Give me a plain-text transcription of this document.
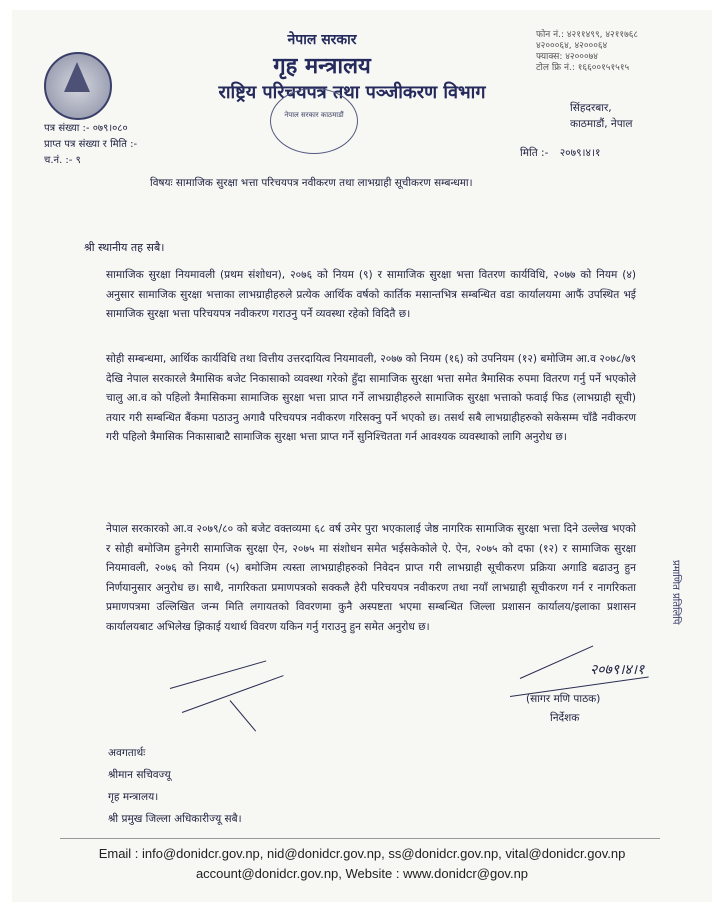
नेपाल सरकार
गृह मन्त्रालय
राष्ट्रिय परिचयपत्र तथा पञ्जीकरण विभाग
नेपाल सरकार काठमाडौं
फोन नं.: ४२११४९९, ४२११७६८
४२०००६४, ४२०००६४
फ्याक्स: ४२०००७४
टोल फ्रि नं.: १६६००१५१५१५
सिंहदरबार,
काठमाडौं, नेपाल
पत्र संख्या :- ०७९।०८०
प्राप्त पत्र संख्या र मिति :-
च.नं. :- ९
मिति :- २०७९।४।१
विषयः सामाजिक सुरक्षा भत्ता परिचयपत्र नवीकरण तथा लाभग्राही सूचीकरण सम्बन्धमा।
श्री स्थानीय तह सबै।
सामाजिक सुरक्षा नियमावली (प्रथम संशोधन), २०७६ को नियम (९) र सामाजिक सुरक्षा भत्ता वितरण कार्यविधि, २०७७ को नियम (४) अनुसार सामाजिक सुरक्षा भत्ताका लाभग्राहीहरुले प्रत्येक आर्थिक वर्षको कार्तिक मसान्तभित्र सम्बन्धित वडा कार्यालयमा आफैं उपस्थित भई सामाजिक सुरक्षा भत्ता परिचयपत्र नवीकरण गराउनु पर्ने व्यवस्था रहेको विदितै छ।
सोही सम्बन्धमा, आर्थिक कार्यविधि तथा वित्तीय उत्तरदायित्व नियमावली, २०७७ को नियम (१६) को उपनियम (१२) बमोजिम आ.व २०७८/७९ देखि नेपाल सरकारले त्रैमासिक बजेट निकासाको व्यवस्था गरेको हुँदा सामाजिक सुरक्षा भत्ता समेत त्रैमासिक रुपमा वितरण गर्नु पर्ने भएकोले चालु आ.व को पहिलो त्रैमासिकमा सामाजिक सुरक्षा भत्ता प्राप्त गर्ने लाभग्राहीहरुले सामाजिक सुरक्षा भत्ताको फवाई फिड (लाभग्राही सूची) तयार गरी सम्बन्धित बैंकमा पठाउनु अगावै परिचयपत्र नवीकरण गरिसक्नु पर्ने भएको छ। तसर्थ सबै लाभग्राहीहरुको सकेसम्म चाँडै नवीकरण गरी पहिलो त्रैमासिक निकासाबाटै सामाजिक सुरक्षा भत्ता प्राप्त गर्ने सुनिश्चितता गर्न आवश्यक व्यवस्थाको लागि अनुरोध छ।
नेपाल सरकारको आ.व २०७९/८० को बजेट वक्तव्यमा ६८ वर्ष उमेर पुरा भएकालाई जेष्ठ नागरिक सामाजिक सुरक्षा भत्ता दिने उल्लेख भएको र सोही बमोजिम हुनेगरी सामाजिक सुरक्षा ऐन, २०७५ मा संशोधन समेत भईसकेकोले ऐ. ऐन, २०७५ को दफा (१२) र सामाजिक सुरक्षा नियमावली, २०७६ को नियम (५) बमोजिम त्यस्ता लाभग्राहीहरुको निवेदन प्राप्त गरी लाभग्राही सूचीकरण प्रक्रिया अगाडि बढाउनु हुन निर्णयानुसार अनुरोध छ। साथै, नागरिकता प्रमाणपत्रको सक्कलै हेरी परिचयपत्र नवीकरण तथा नयाँ लाभग्राही सूचीकरण गर्न र नागरिकता प्रमाणपत्रमा उल्लिखित जन्म मिति लगायतको विवरणमा कुनै अस्पष्टता भएमा सम्बन्धित जिल्ला प्रशासन कार्यालय/इलाका प्रशासन कार्यालयबाट अभिलेख झिकाई यथार्थ विवरण यकिन गर्नु गराउनु हुन समेत अनुरोध छ।
प्रमाणित प्रतिलिपि
२०७९।४।१
(सागर मणि पाठक)
निर्देशक
अवगतार्थः
श्रीमान सचिवज्यू
गृह मन्त्रालय।
श्री प्रमुख जिल्ला अधिकारीज्यू सबै।
Email : info@donidcr.gov.np, nid@donidcr.gov.np, ss@donidcr.gov.np, vital@donidcr.gov.np
account@donidcr.gov.np, Website : www.donidcr@gov.np
